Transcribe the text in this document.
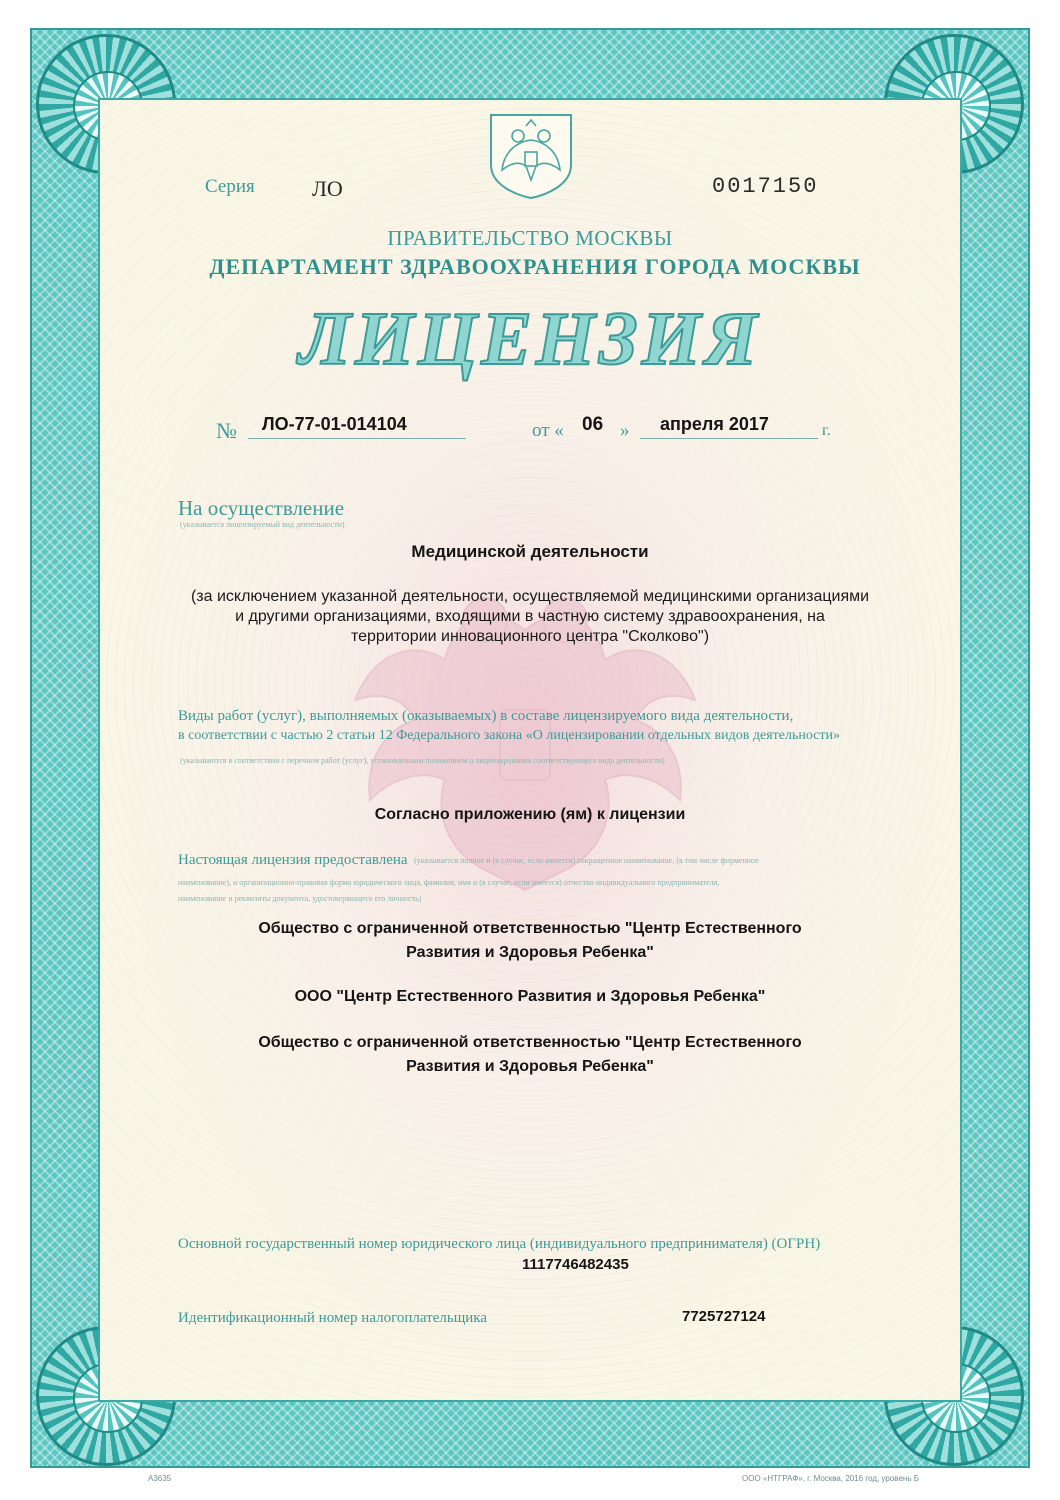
Серия	ЛО	0017150
ПРАВИТЕЛЬСТВО МОСКВЫ
ДЕПАРТАМЕНТ ЗДРАВООХРАНЕНИЯ ГОРОДА МОСКВЫ
ЛИЦЕНЗИЯ
№ ЛО-77-01-014104	от « 06 » апреля 2017	г.
На осуществление
(указывается лицензируемый вид деятельности)
Медицинской деятельности
(за исключением указанной деятельности, осуществляемой медицинскими организациями
и другими организациями, входящими в частную систему здравоохранения, на
территории инновационного центра "Сколково")
Виды работ (услуг), выполняемых (оказываемых) в составе лицензируемого вида деятельности,
в соответствии с частью 2 статьи 12 Федерального закона «О лицензировании отдельных видов деятельности»
(указываются в соответствии с перечнем работ (услуг), установленным положением о лицензировании соответствующего вида деятельности)
Согласно приложению (ям) к лицензии
Настоящая лицензия предоставлена (указывается полное и (в случае, если имеется) сокращенное наименование, (в том числе фирменное
наименование), и организационно-правовая форма юридического лица, фамилия, имя и (в случае, если имеется) отчество индивидуального предпринимателя,
наименование и реквизиты документа, удостоверяющего его личность)
Общество с ограниченной ответственностью "Центр Естественного
Развития и Здоровья Ребенка"
ООО "Центр Естественного Развития и Здоровья Ребенка"
Общество с ограниченной ответственностью "Центр Естественного
Развития и Здоровья Ребенка"
Основной государственный номер юридического лица (индивидуального предпринимателя) (ОГРН)
1117746482435
Идентификационный номер налогоплательщика	7725727124
А3635	ООО «НТГРАФ», г. Москва, 2016 год, уровень Б
